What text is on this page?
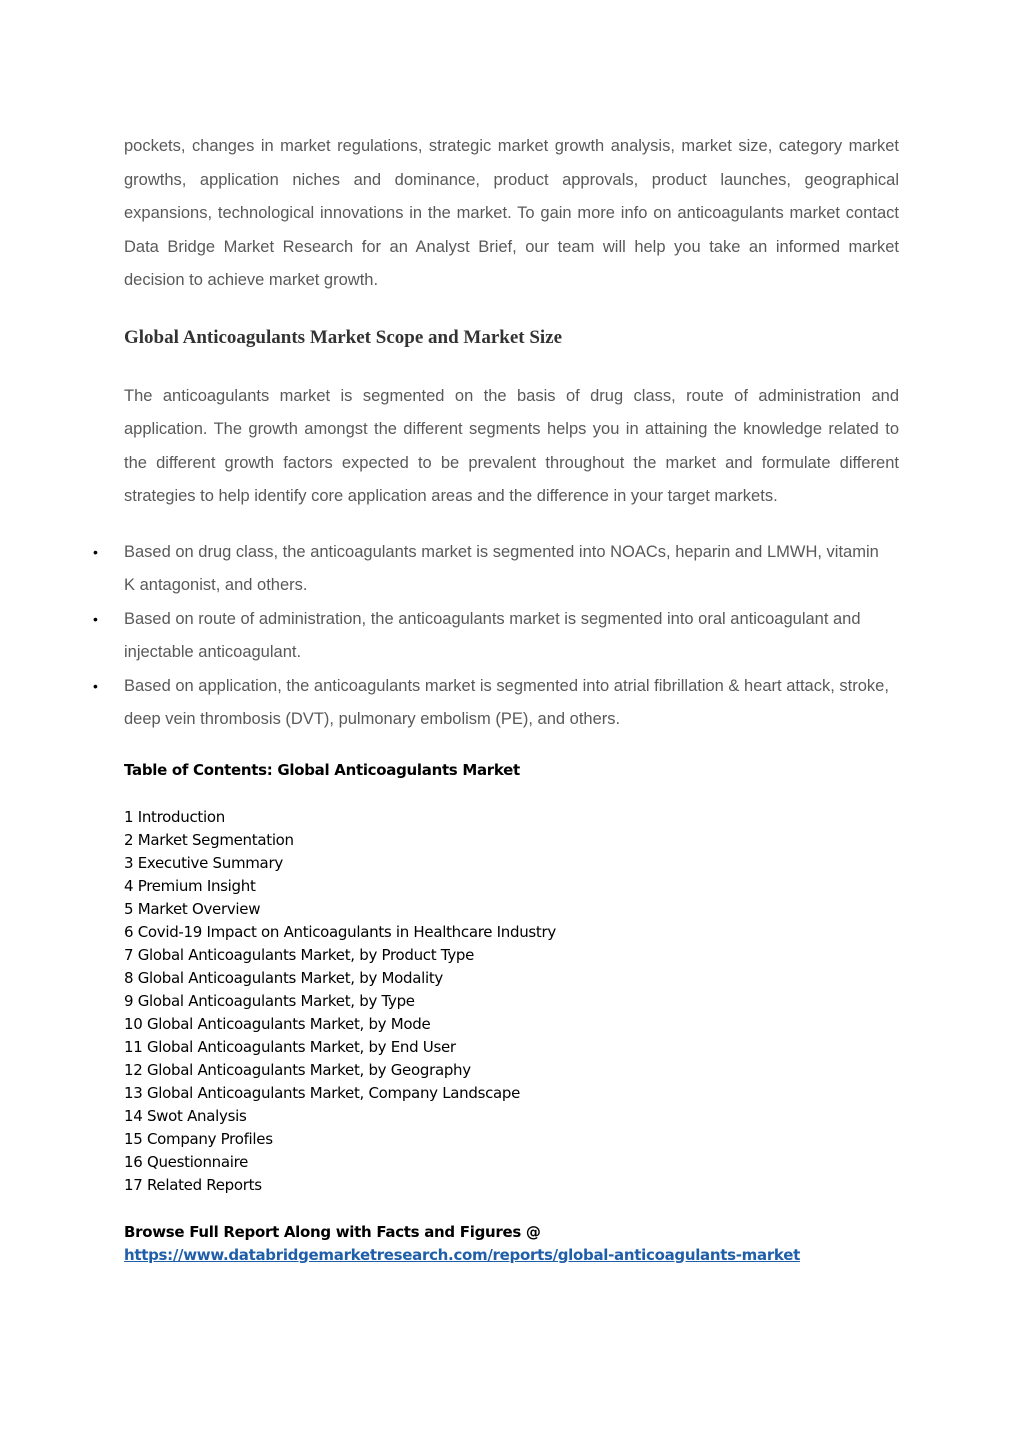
pockets, changes in market regulations, strategic market growth analysis, market size, category market growths, application niches and dominance, product approvals, product launches, geographical expansions, technological innovations in the market. To gain more info on anticoagulants market contact Data Bridge Market Research for an Analyst Brief, our team will help you take an informed market decision to achieve market growth.

Global Anticoagulants Market Scope and Market Size

The anticoagulants market is segmented on the basis of drug class, route of administration and application. The growth amongst the different segments helps you in attaining the knowledge related to the different growth factors expected to be prevalent throughout the market and formulate different strategies to help identify core application areas and the difference in your target markets.

• Based on drug class, the anticoagulants market is segmented into NOACs, heparin and LMWH, vitamin K antagonist, and others.
• Based on route of administration, the anticoagulants market is segmented into oral anticoagulant and injectable anticoagulant.
• Based on application, the anticoagulants market is segmented into atrial fibrillation & heart attack, stroke, deep vein thrombosis (DVT), pulmonary embolism (PE), and others.
Table of Contents: Global Anticoagulants Market
1 Introduction
2 Market Segmentation
3 Executive Summary
4 Premium Insight
5 Market Overview
6 Covid-19 Impact on Anticoagulants in Healthcare Industry
7 Global Anticoagulants Market, by Product Type
8 Global Anticoagulants Market, by Modality
9 Global Anticoagulants Market, by Type
10 Global Anticoagulants Market, by Mode
11 Global Anticoagulants Market, by End User
12 Global Anticoagulants Market, by Geography
13 Global Anticoagulants Market, Company Landscape
14 Swot Analysis
15 Company Profiles
16 Questionnaire
17 Related Reports
Browse Full Report Along with Facts and Figures @
https://www.databridgemarketresearch.com/reports/global-anticoagulants-market
